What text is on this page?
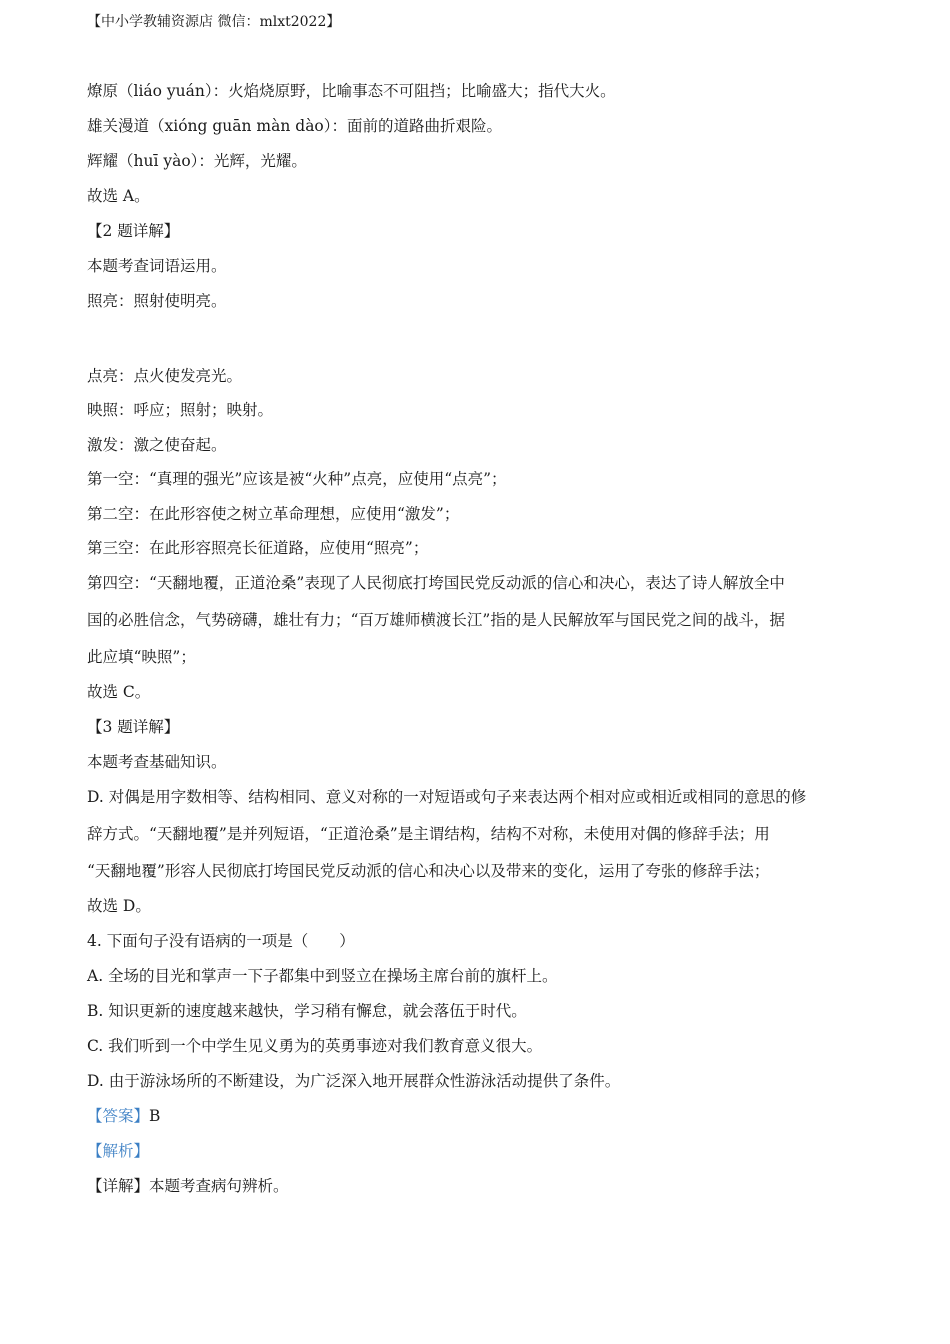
【中小学教辅资源店 微信：mlxt2022】
燎原（liáo yuán）：火焰烧原野，比喻事态不可阻挡；比喻盛大；指代大火。
雄关漫道（xióng guān màn dào）：面前的道路曲折艰险。
辉耀（huī yào）：光辉，光耀。
故选 A。
【2 题详解】
本题考查词语运用。
照亮：照射使明亮。
点亮：点火使发亮光。
映照：呼应；照射；映射。
激发：激之使奋起。
第一空：“真理的强光”应该是被“火种”点亮，应使用“点亮”；
第二空：在此形容使之树立革命理想，应使用“激发”；
第三空：在此形容照亮长征道路，应使用“照亮”；
第四空：“天翻地覆，正道沧桑”表现了人民彻底打垮国民党反动派的信心和决心，表达了诗人解放全中
国的必胜信念，气势磅礴，雄壮有力；“百万雄师横渡长江”指的是人民解放军与国民党之间的战斗，据
此应填“映照”；
故选 C。
【3 题详解】
本题考查基础知识。
D. 对偶是用字数相等、结构相同、意义对称的一对短语或句子来表达两个相对应或相近或相同的意思的修
辞方式。“天翻地覆”是并列短语，“正道沧桑”是主谓结构，结构不对称，未使用对偶的修辞手法；用
“天翻地覆”形容人民彻底打垮国民党反动派的信心和决心以及带来的变化，运用了夸张的修辞手法；
故选 D。
4. 下面句子没有语病的一项是（　　）
A. 全场的目光和掌声一下子都集中到竖立在操场主席台前的旗杆上。
B. 知识更新的速度越来越快，学习稍有懈怠，就会落伍于时代。
C. 我们听到一个中学生见义勇为的英勇事迹对我们教育意义很大。
D. 由于游泳场所的不断建设，为广泛深入地开展群众性游泳活动提供了条件。
【答案】B
【解析】
【详解】本题考查病句辨析。
